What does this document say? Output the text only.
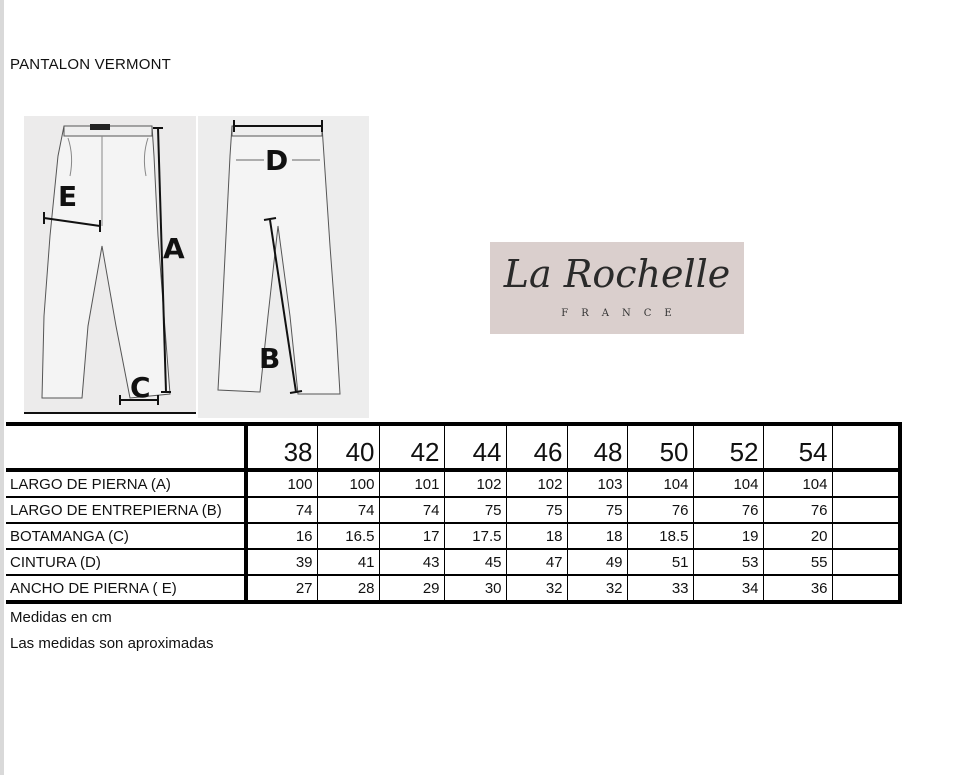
PANTALON VERMONT
A
B
C
D
E
La Rochelle
FRANCE
	38	40	42	44	46	48	50	52	54	
LARGO DE PIERNA (A)	100	100	101	102	102	103	104	104	104	
LARGO DE ENTREPIERNA (B)	74	74	74	75	75	75	76	76	76	
BOTAMANGA (C)	16	16.5	17	17.5	18	18	18.5	19	20	
CINTURA (D)	39	41	43	45	47	49	51	53	55	
ANCHO DE PIERNA ( E)	27	28	29	30	32	32	33	34	36	
Medidas en cm
Las medidas son aproximadas
